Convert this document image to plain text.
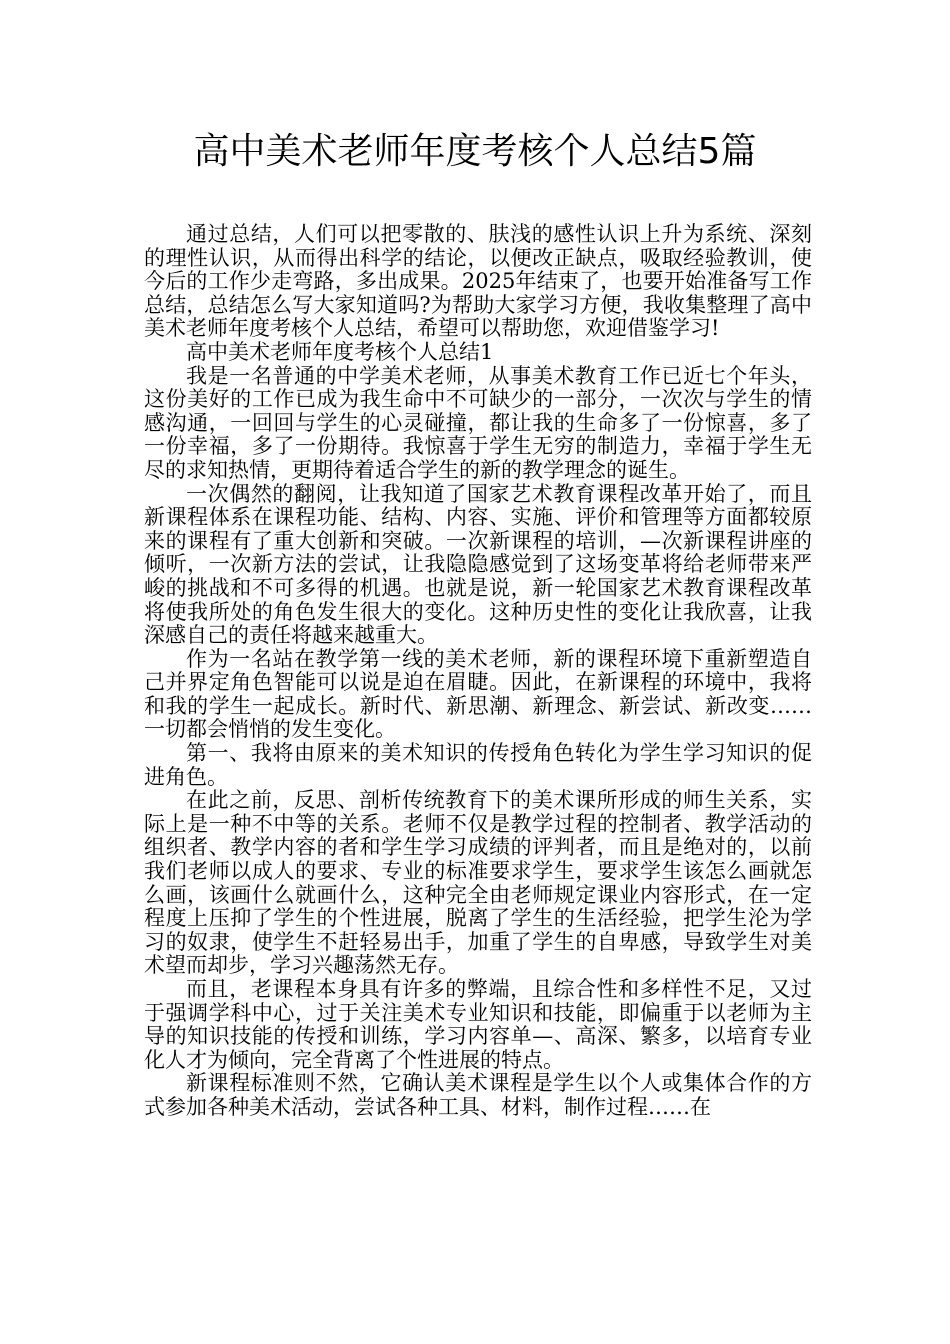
高中美术老师年度考核个人总结5篇

通过总结，人们可以把零散的、肤浅的感性认识上升为系统、深刻的理性认识，从而得出科学的结论，以便改正缺点，吸取经验教训，使今后的工作少走弯路，多出成果。2025年结束了，也要开始准备写工作总结，总结怎么写大家知道吗?为帮助大家学习方便，我收集整理了高中美术老师年度考核个人总结，希望可以帮助您，欢迎借鉴学习!

高中美术老师年度考核个人总结1

我是一名普通的中学美术老师，从事美术教育工作已近七个年头，这份美好的工作已成为我生命中不可缺少的一部分，一次次与学生的情感沟通，一回回与学生的心灵碰撞，都让我的生命多了一份惊喜，多了一份幸福，多了一份期待。我惊喜于学生无穷的制造力，幸福于学生无尽的求知热情，更期待着适合学生的新的教学理念的诞生。

一次偶然的翻阅，让我知道了国家艺术教育课程改革开始了，而且新课程体系在课程功能、结构、内容、实施、评价和管理等方面都较原来的课程有了重大创新和突破。一次新课程的培训，—次新课程讲座的倾听，一次新方法的尝试，让我隐隐感觉到了这场变革将给老师带来严峻的挑战和不可多得的机遇。也就是说，新一轮国家艺术教育课程改革将使我所处的角色发生很大的变化。这种历史性的变化让我欣喜，让我深感自己的责任将越来越重大。

作为一名站在教学第一线的美术老师，新的课程环境下重新塑造自己并界定角色智能可以说是迫在眉睫。因此，在新课程的环境中，我将和我的学生一起成长。新时代、新思潮、新理念、新尝试、新改变……一切都会悄悄的发生变化。

第一、我将由原来的美术知识的传授角色转化为学生学习知识的促进角色。

在此之前，反思、剖析传统教育下的美术课所形成的师生关系，实际上是一种不中等的关系。老师不仅是教学过程的控制者、教学活动的组织者、教学内容的者和学生学习成绩的评判者，而且是绝对的，以前我们老师以成人的要求、专业的标准要求学生，要求学生该怎么画就怎么画，该画什么就画什么，这种完全由老师规定课业内容形式，在一定程度上压抑了学生的个性进展，脱离了学生的生活经验，把学生沦为学习的奴隶，使学生不赶轻易出手，加重了学生的自卑感，导致学生对美术望而却步，学习兴趣荡然无存。

而且，老课程本身具有许多的弊端，且综合性和多样性不足，又过于强调学科中心，过于关注美术专业知识和技能，即偏重于以老师为主导的知识技能的传授和训练，学习内容单—、高深、繁多，以培育专业化人才为倾向，完全背离了个性进展的特点。

新课程标准则不然，它确认美术课程是学生以个人或集体合作的方式参加各种美术活动，尝试各种工具、材料，制作过程……在
